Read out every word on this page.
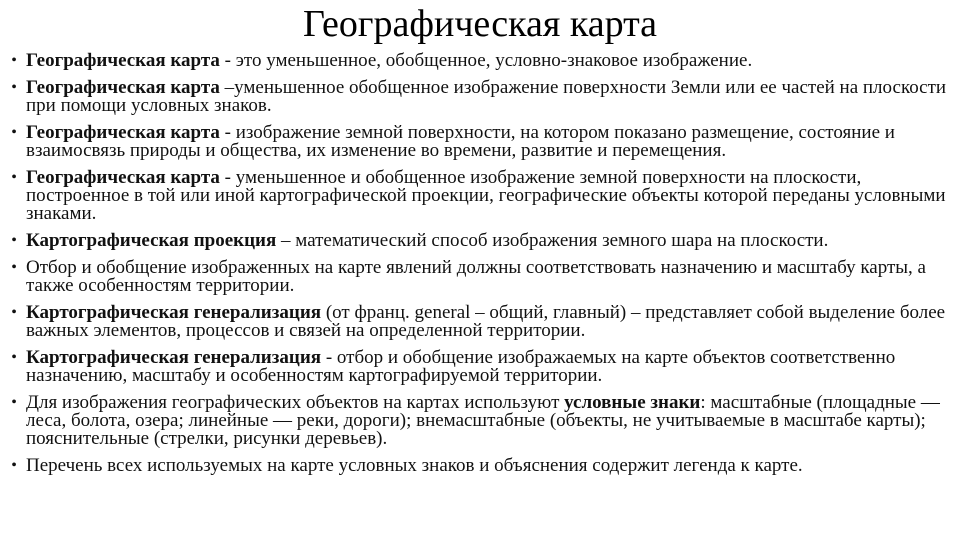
Географическая карта
• Географическая карта - это уменьшенное, обобщенное, условно-знаковое изображение.
• Географическая карта –уменьшенное обобщенное изображение поверхности Земли или ее частей на плоскости при помощи условных знаков.
• Географическая карта - изображение земной поверхности, на котором показано размещение, состояние и взаимосвязь природы и общества, их изменение во времени, развитие и перемещения.
• Географическая карта - уменьшенное и обобщенное изображение земной поверхности на плоскости, построенное в той или иной картографической проекции, географические объекты которой переданы условными знаками.
• Картографическая проекция – математический способ изображения земного шара на плоскости.
• Отбор и обобщение изображенных на карте явлений должны соответствовать назначению и масштабу карты, а также особенностям территории.
• Картографическая генерализация (от франц. general – общий, главный) – представляет собой выделение более важных элементов, процессов и связей на определенной территории.
• Картографическая генерализация - отбор и обобщение изображаемых на карте объектов соответственно назначению, масштабу и особенностям картографируемой территории.
• Для изображения географических объектов на картах используют условные знаки: масштабные (площадные — леса, болота, озера; линейные — реки, дороги); внемасштабные (объекты, не учитываемые в масштабе карты); пояснительные (стрелки, рисунки деревьев).
• Перечень всех используемых на карте условных знаков и объяснения содержит легенда к карте.
